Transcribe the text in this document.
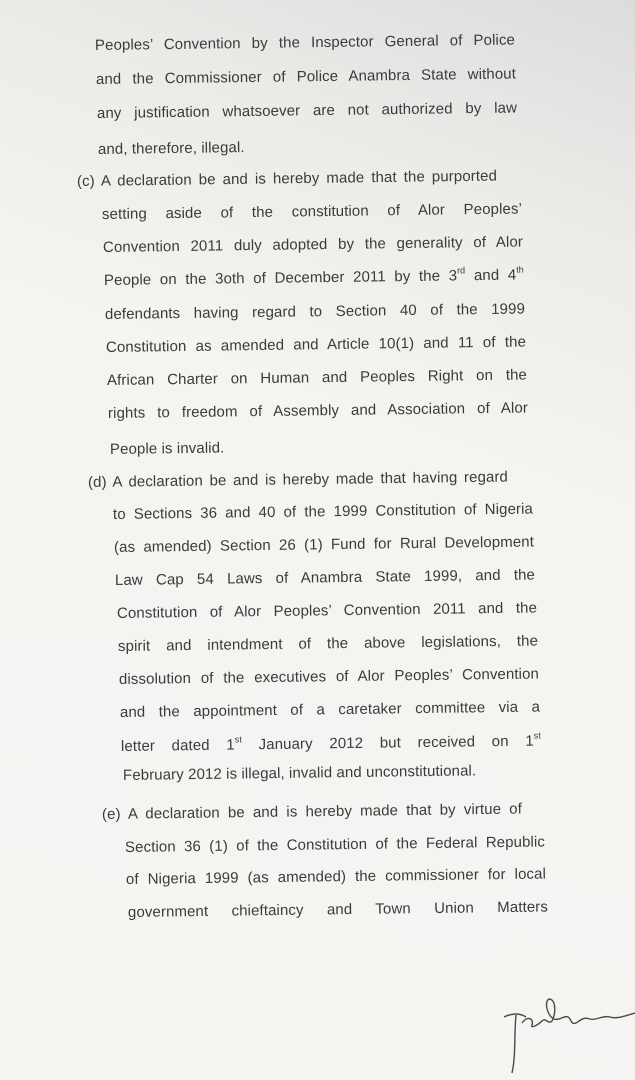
Peoples’ Convention by the Inspector General of Police
and the Commissioner of Police Anambra State without
any justification whatsoever are not authorized by law
and, therefore, illegal.
(c) A declaration be and is hereby made that the purported
setting aside of the constitution of Alor Peoples’
Convention 2011 duly adopted by the generality of Alor
People on the 3oth of December 2011 by the 3rd and 4th
defendants having regard to Section 40 of the 1999
Constitution as amended and Article 10(1) and 11 of the
African Charter on Human and Peoples Right on the
rights to freedom of Assembly and Association of Alor
People is invalid.
(d) A declaration be and is hereby made that having regard
to Sections 36 and 40 of the 1999 Constitution of Nigeria
(as amended) Section 26 (1) Fund for Rural Development
Law Cap 54 Laws of Anambra State 1999, and the
Constitution of Alor Peoples’ Convention 2011 and the
spirit and intendment of the above legislations, the
dissolution of the executives of Alor Peoples’ Convention
and the appointment of a caretaker committee via a
letter dated 1st January 2012 but received on 1st
February 2012 is illegal, invalid and unconstitutional.
(e) A declaration be and is hereby made that by virtue of
Section 36 (1) of the Constitution of the Federal Republic
of Nigeria 1999 (as amended) the commissioner for local
government chieftaincy and Town Union Matters
